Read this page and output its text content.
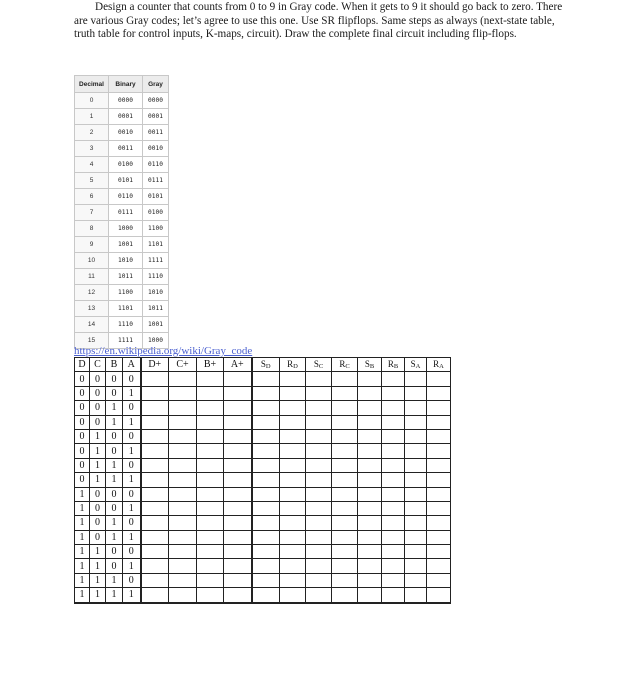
Design a counter that counts from 0 to 9 in Gray code. When it gets to 9 it should go back to zero. There are various Gray codes; let’s agree to use this one. Use SR flipflops. Same steps as always (next-state table, truth table for control inputs, K-maps, circuit). Draw the complete final circuit including flip-flops.

Decimal	Binary	Gray
0	0000	0000
1	0001	0001
2	0010	0011
3	0011	0010
4	0100	0110
5	0101	0111
6	0110	0101
7	0111	0100
8	1000	1100
9	1001	1101
10	1010	1111
11	1011	1110
12	1100	1010
13	1101	1011
14	1110	1001
15	1111	1000
https://en.wikipedia.org/wiki/Gray_code
D	C	B	A	D+	C+	B+	A+	$S_D$	$R_D$	$S_C$	$R_C$	$S_B$	$R_B$	$S_A$	$R_A$
0	0	0	0												
0	0	0	1												
0	0	1	0												
0	0	1	1												
0	1	0	0												
0	1	0	1												
0	1	1	0												
0	1	1	1												
1	0	0	0												
1	0	0	1												
1	0	1	0												
1	0	1	1												
1	1	0	0												
1	1	0	1												
1	1	1	0												
1	1	1	1												
